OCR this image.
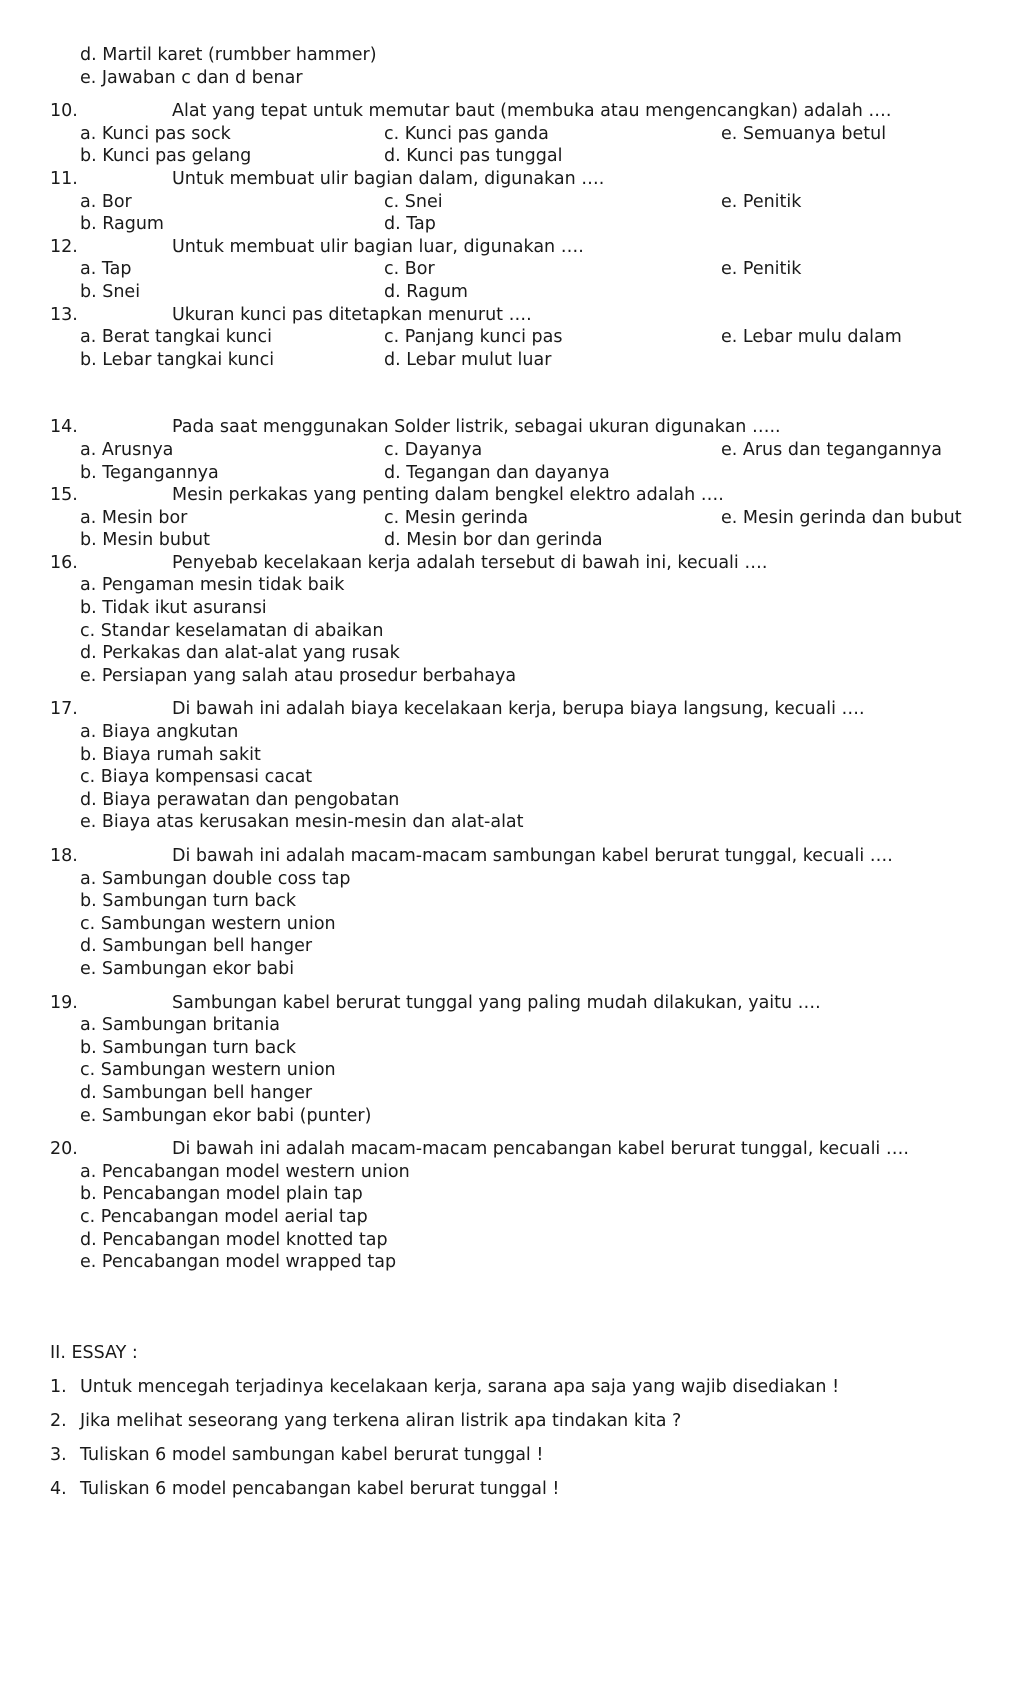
d. Martil karet (rumbber hammer)
e. Jawaban c dan d benar
10.	Alat yang tepat untuk memutar baut (membuka atau mengencangkan) adalah ….
a. Kunci pas sock	c. Kunci pas ganda	e. Semuanya betul
b. Kunci pas gelang	d. Kunci pas tunggal
11.	Untuk membuat ulir bagian dalam, digunakan ….
a. Bor	c. Snei	e. Penitik
b. Ragum	d. Tap
12.	Untuk membuat ulir bagian luar, digunakan ….
a. Tap	c. Bor	e. Penitik
b. Snei	d. Ragum
13.	Ukuran kunci pas ditetapkan menurut ….
a. Berat tangkai kunci	c. Panjang kunci pas	e. Lebar mulu dalam
b. Lebar tangkai kunci	d. Lebar mulut luar
14.	Pada saat menggunakan Solder listrik, sebagai ukuran digunakan …..
a. Arusnya	c. Dayanya	e. Arus dan tegangannya
b. Tegangannya	d. Tegangan dan dayanya
15.	Mesin perkakas yang penting dalam bengkel elektro adalah ….
a. Mesin bor	c. Mesin gerinda	e. Mesin gerinda dan bubut
b. Mesin bubut	d. Mesin bor dan gerinda
16.	Penyebab kecelakaan kerja adalah tersebut di bawah ini, kecuali ….
a. Pengaman mesin tidak baik
b. Tidak ikut asuransi
c. Standar keselamatan di abaikan
d. Perkakas dan alat-alat yang rusak
e. Persiapan yang salah atau prosedur berbahaya
17.	Di bawah ini adalah biaya kecelakaan kerja, berupa biaya langsung, kecuali ….
a. Biaya angkutan
b. Biaya rumah sakit
c. Biaya kompensasi cacat
d. Biaya perawatan dan pengobatan
e. Biaya atas kerusakan mesin-mesin dan alat-alat
18.	Di bawah ini adalah macam-macam sambungan kabel berurat tunggal, kecuali ….
a. Sambungan double coss tap
b. Sambungan turn back
c. Sambungan western union
d. Sambungan bell hanger
e. Sambungan ekor babi
19.	Sambungan kabel berurat tunggal yang paling mudah dilakukan, yaitu ….
a. Sambungan britania
b. Sambungan turn back
c. Sambungan western union
d. Sambungan bell hanger
e. Sambungan ekor babi (punter)
20.	Di bawah ini adalah macam-macam pencabangan kabel berurat tunggal, kecuali ….
a. Pencabangan model western union
b. Pencabangan model plain tap
c. Pencabangan model aerial tap
d. Pencabangan model knotted tap
e. Pencabangan model wrapped tap
II. ESSAY :
1. Untuk mencegah terjadinya kecelakaan kerja, sarana apa saja yang wajib disediakan !
2. Jika melihat seseorang yang terkena aliran listrik apa tindakan kita ?
3. Tuliskan 6 model sambungan kabel berurat tunggal !
4. Tuliskan 6 model pencabangan kabel berurat tunggal !
